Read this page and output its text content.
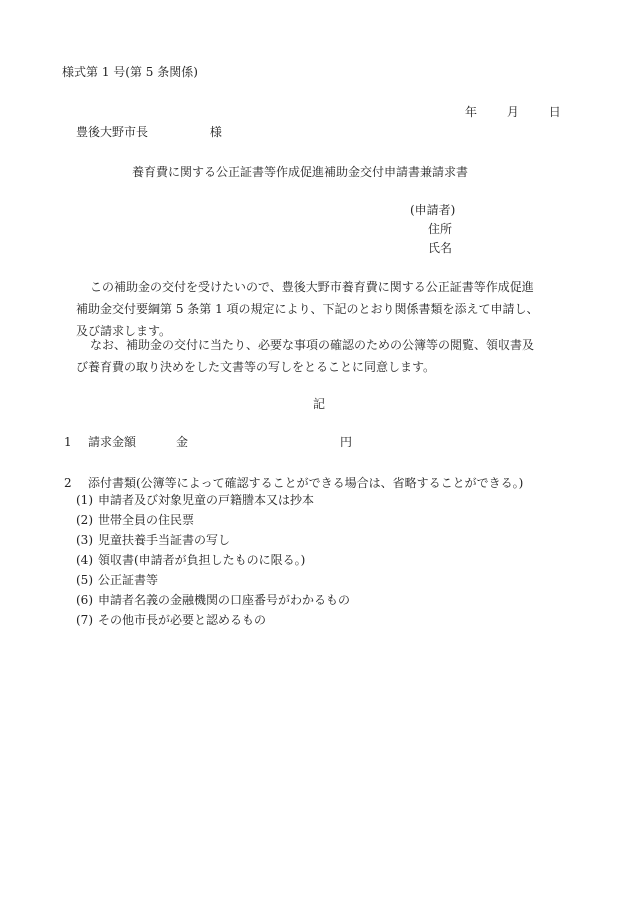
様式第 1 号(第 5 条関係)
年 月 日
豊後大野市長	様
養育費に関する公正証書等作成促進補助金交付申請書兼請求書
(申請者)
住所
氏名
この補助金の交付を受けたいので、豊後大野市養育費に関する公正証書等作成促進
補助金交付要綱第 5 条第 1 項の規定により、下記のとおり関係書類を添えて申請し、
及び請求します。
なお、補助金の交付に当たり、必要な事項の確認のための公簿等の閲覧、領収書及
び養育費の取り決めをした文書等の写しをとることに同意します。
記
1 請求金額	金	円
2 添付書類(公簿等によって確認することができる場合は、省略することができる。)
(1) 申請者及び対象児童の戸籍謄本又は抄本
(2) 世帯全員の住民票
(3) 児童扶養手当証書の写し
(4) 領収書(申請者が負担したものに限る。)
(5) 公正証書等
(6) 申請者名義の金融機関の口座番号がわかるもの
(7) その他市長が必要と認めるもの
